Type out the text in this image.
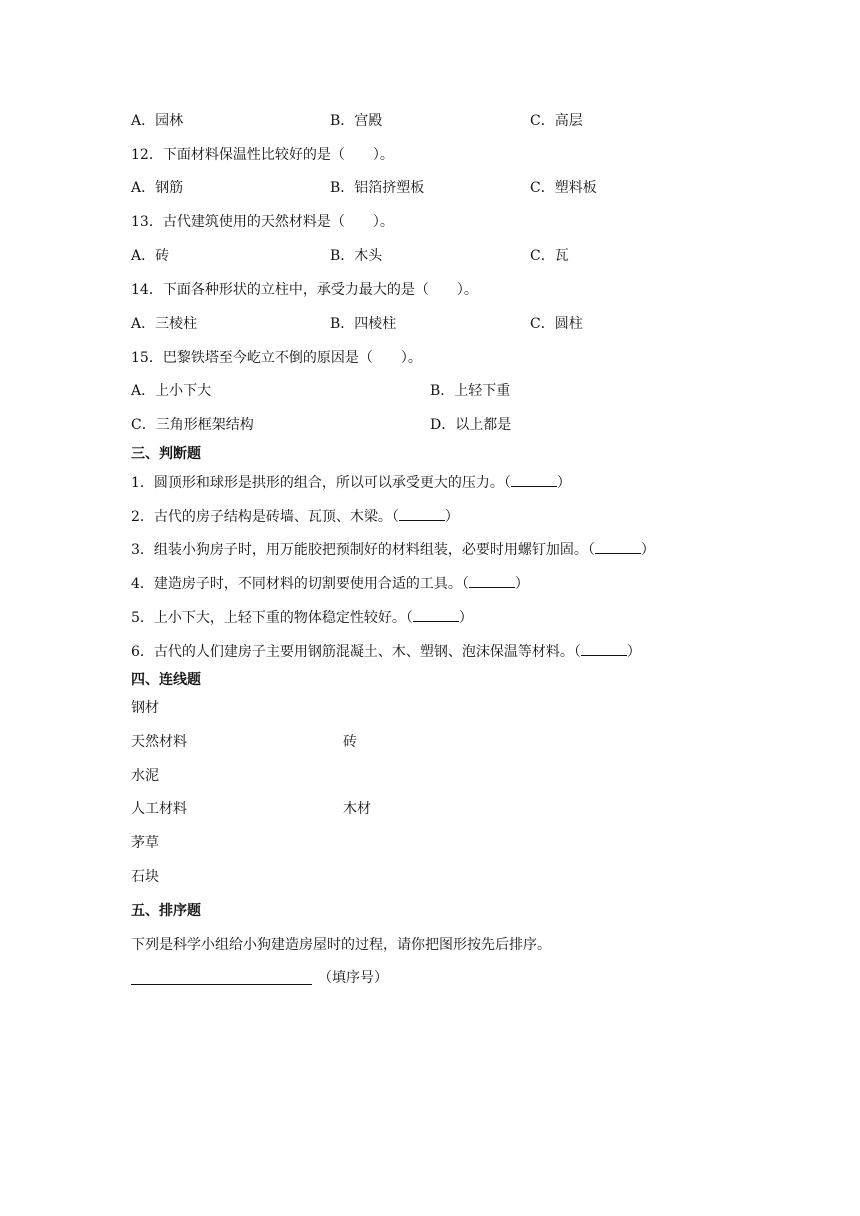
A．园林	B．宫殿	C．高层
12．下面材料保温性比较好的是（　　）。
A．钢筋	B．铝箔挤塑板	C．塑料板
13．古代建筑使用的天然材料是（　　）。
A．砖	B．木头	C．瓦
14．下面各种形状的立柱中，承受力最大的是（　　）。
A．三棱柱	B．四棱柱	C．圆柱
15．巴黎铁塔至今屹立不倒的原因是（　　）。
A．上小下大	B．上轻下重
C．三角形框架结构	D．以上都是
三、判断题
1．圆顶形和球形是拱形的组合，所以可以承受更大的压力。（	）
2．古代的房子结构是砖墙、瓦顶、木梁。（	）
3．组装小狗房子时，用万能胶把预制好的材料组装，必要时用螺钉加固。（	）
4．建造房子时，不同材料的切割要使用合适的工具。（	）
5．上小下大，上轻下重的物体稳定性较好。（	）
6．古代的人们建房子主要用钢筋混凝土、木、塑钢、泡沫保温等材料。（	）
四、连线题
钢材
天然材料	砖
水泥
人工材料	木材
茅草
石块
五、排序题
下列是科学小组给小狗建造房屋时的过程，请你把图形按先后排序。
（填序号）
